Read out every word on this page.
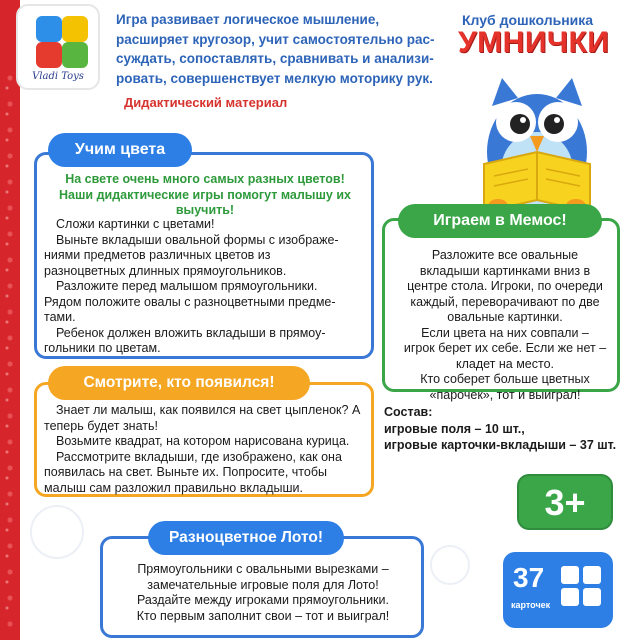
Vladi Toys
Игра развивает логическое мышление,
расширяет кругозор, учит самостоятельно рас-
суждать, сопоставлять, сравнивать и анализи-
ровать, совершенствует мелкую моторику рук.
Дидактический материал
Клуб дошкольника
УМНИЧКИ
Учим цвета
На свете очень много самых разных цветов!
Наши дидактические игры помогут малышу их
выучить!
Сложи картинки с цветами!
Выньте вкладыши овальной формы с изображе-
ниями предметов различных цветов из
разноцветных длинных прямоугольников.
Разложите перед малышом прямоугольники.
Рядом положите овалы с разноцветными предме-
тами.
Ребенок должен вложить вкладыши в прямоу-
гольники по цветам.
Смотрите, кто появился!
Знает ли малыш, как появился на свет цыпленок? А
теперь будет знать!
Возьмите квадрат, на котором нарисована курица.
Рассмотрите вкладыши, где изображено, как она
появилась на свет. Выньте их. Попросите, чтобы
малыш сам разложил правильно вкладыши.
Разноцветное Лото!
Прямоугольники с овальными вырезками –
замечательные игровые поля для Лото!
Раздайте между игроками прямоугольники.
Кто первым заполнит свои – тот и выиграл!
Играем в Мемос!
Разложите все овальные
вкладыши картинками вниз в
центре стола. Игроки, по очереди
каждый, переворачивают по две
овальные картинки.
Если цвета на них совпали –
игрок берет их себе. Если же нет –
кладет на место.
Кто соберет больше цветных
«парочек», тот и выиграл!
Состав:
игровые поля – 10 шт.,
игровые карточки-вкладыши – 37 шт.
3+
37
карточек
